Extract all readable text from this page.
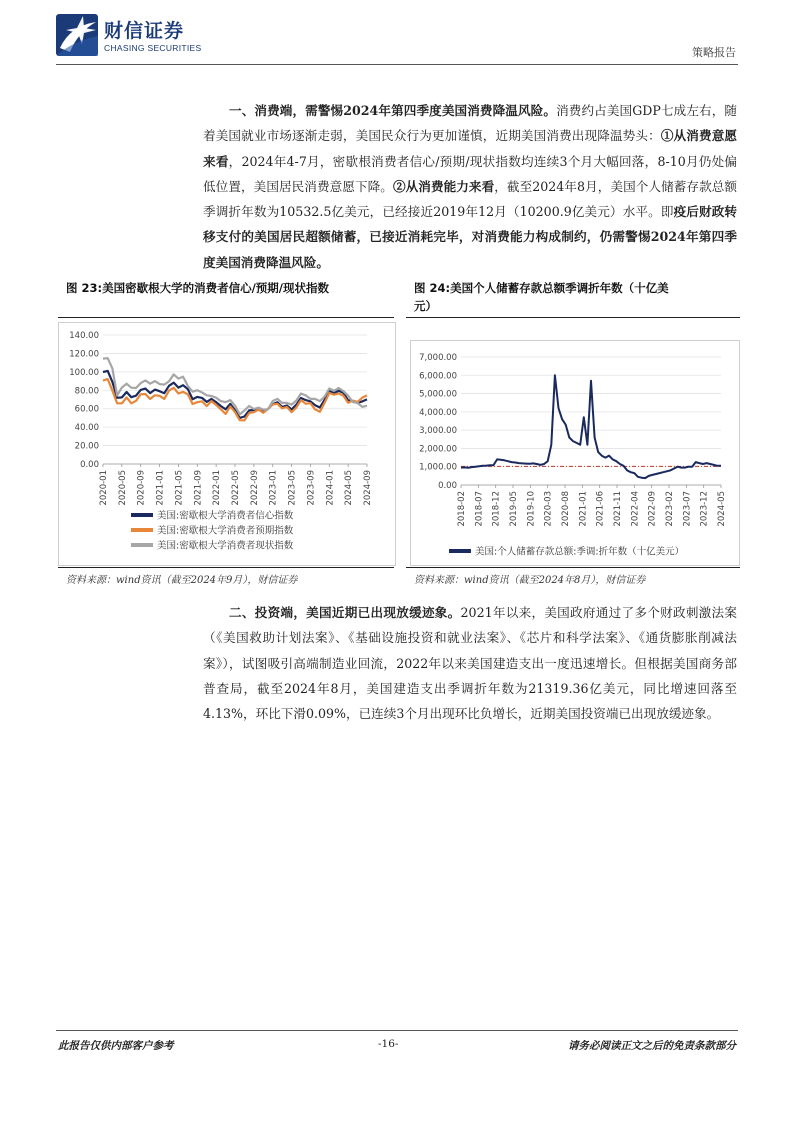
财信证券
CHASING SECURITIES	策略报告

一、消费端，需警惕2024年第四季度美国消费降温风险。消费约占美国GDP七成左右，随着美国就业市场逐渐走弱，美国民众行为更加谨慎，近期美国消费出现降温势头：①从消费意愿来看，2024年4-7月，密歇根消费者信心/预期/现状指数均连续3个月大幅回落，8-10月仍处偏低位置，美国居民消费意愿下降。②从消费能力来看，截至2024年8月，美国个人储蓄存款总额季调折年数为10532.5亿美元，已经接近2019年12月（10200.9亿美元）水平。即疫后财政转移支付的美国居民超额储蓄，已接近消耗完毕，对消费能力构成制约，仍需警惕2024年第四季度美国消费降温风险。

图 23:美国密歇根大学的消费者信心/预期/现状指数
0.00
20.00
40.00
60.00
80.00
100.00
120.00
140.00
2020-01 2020-05 2020-09 2021-01 2021-05 2021-09 2022-01 2022-05 2022-09 2023-01 2023-05 2023-09 2024-01 2024-05 2024-09
美国:密歇根大学消费者信心指数
美国:密歇根大学消费者预期指数
美国:密歇根大学消费者现状指数
资料来源：wind资讯（截至2024年9月），财信证券
图 24:美国个人储蓄存款总额季调折年数（十亿美
元）
0.00
1,000.00
2,000.00
3,000.00
4,000.00
5,000.00
6,000.00
7,000.00
2018-02 2018-07 2018-12 2019-05 2019-10 2020-03 2020-08 2021-01 2021-06 2021-11 2022-04 2022-09 2023-02 2023-07 2023-12 2024-05
美国:个人储蓄存款总额:季调:折年数（十亿美元）
资料来源：wind资讯（截至2024年8月），财信证券

二、投资端，美国近期已出现放缓迹象。2021年以来，美国政府通过了多个财政刺激法案（《美国救助计划法案》、《基础设施投资和就业法案》、《芯片和科学法案》、《通货膨胀削减法案》），试图吸引高端制造业回流，2022年以来美国建造支出一度迅速增长。但根据美国商务部普查局，截至2024年8月，美国建造支出季调折年数为21319.36亿美元，同比增速回落至4.13%，环比下滑0.09%，已连续3个月出现环比负增长，近期美国投资端已出现放缓迹象。

此报告仅供内部客户参考	-16-	请务必阅读正文之后的免责条款部分
